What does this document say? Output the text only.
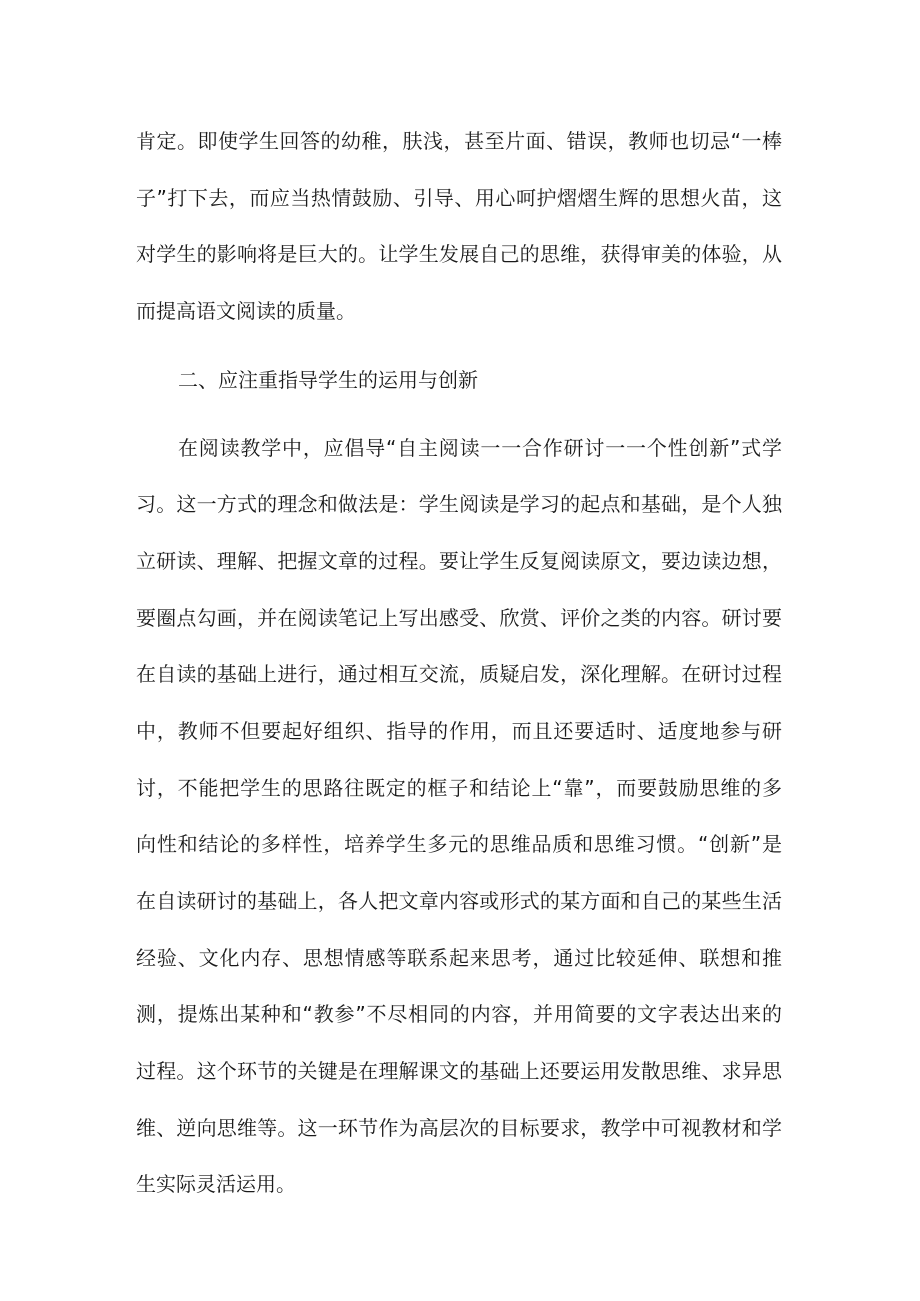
肯定。即使学生回答的幼稚，肤浅，甚至片面、错误，教师也切忌“一棒
子”打下去，而应当热情鼓励、引导、用心呵护熠熠生辉的思想火苗，这
对学生的影响将是巨大的。让学生发展自己的思维，获得审美的体验，从
而提高语文阅读的质量。
二、应注重指导学生的运用与创新
在阅读教学中，应倡导“自主阅读一一合作研讨一一个性创新”式学
习。这一方式的理念和做法是：学生阅读是学习的起点和基础，是个人独
立研读、理解、把握文章的过程。要让学生反复阅读原文，要边读边想，
要圈点勾画，并在阅读笔记上写出感受、欣赏、评价之类的内容。研讨要
在自读的基础上进行，通过相互交流，质疑启发，深化理解。在研讨过程
中，教师不但要起好组织、指导的作用，而且还要适时、适度地参与研
讨，不能把学生的思路往既定的框子和结论上“靠”，而要鼓励思维的多
向性和结论的多样性，培养学生多元的思维品质和思维习惯。“创新”是
在自读研讨的基础上，各人把文章内容或形式的某方面和自己的某些生活
经验、文化内存、思想情感等联系起来思考，通过比较延伸、联想和推
测，提炼出某种和“教参”不尽相同的内容，并用简要的文字表达出来的
过程。这个环节的关键是在理解课文的基础上还要运用发散思维、求异思
维、逆向思维等。这一环节作为高层次的目标要求，教学中可视教材和学
生实际灵活运用。
